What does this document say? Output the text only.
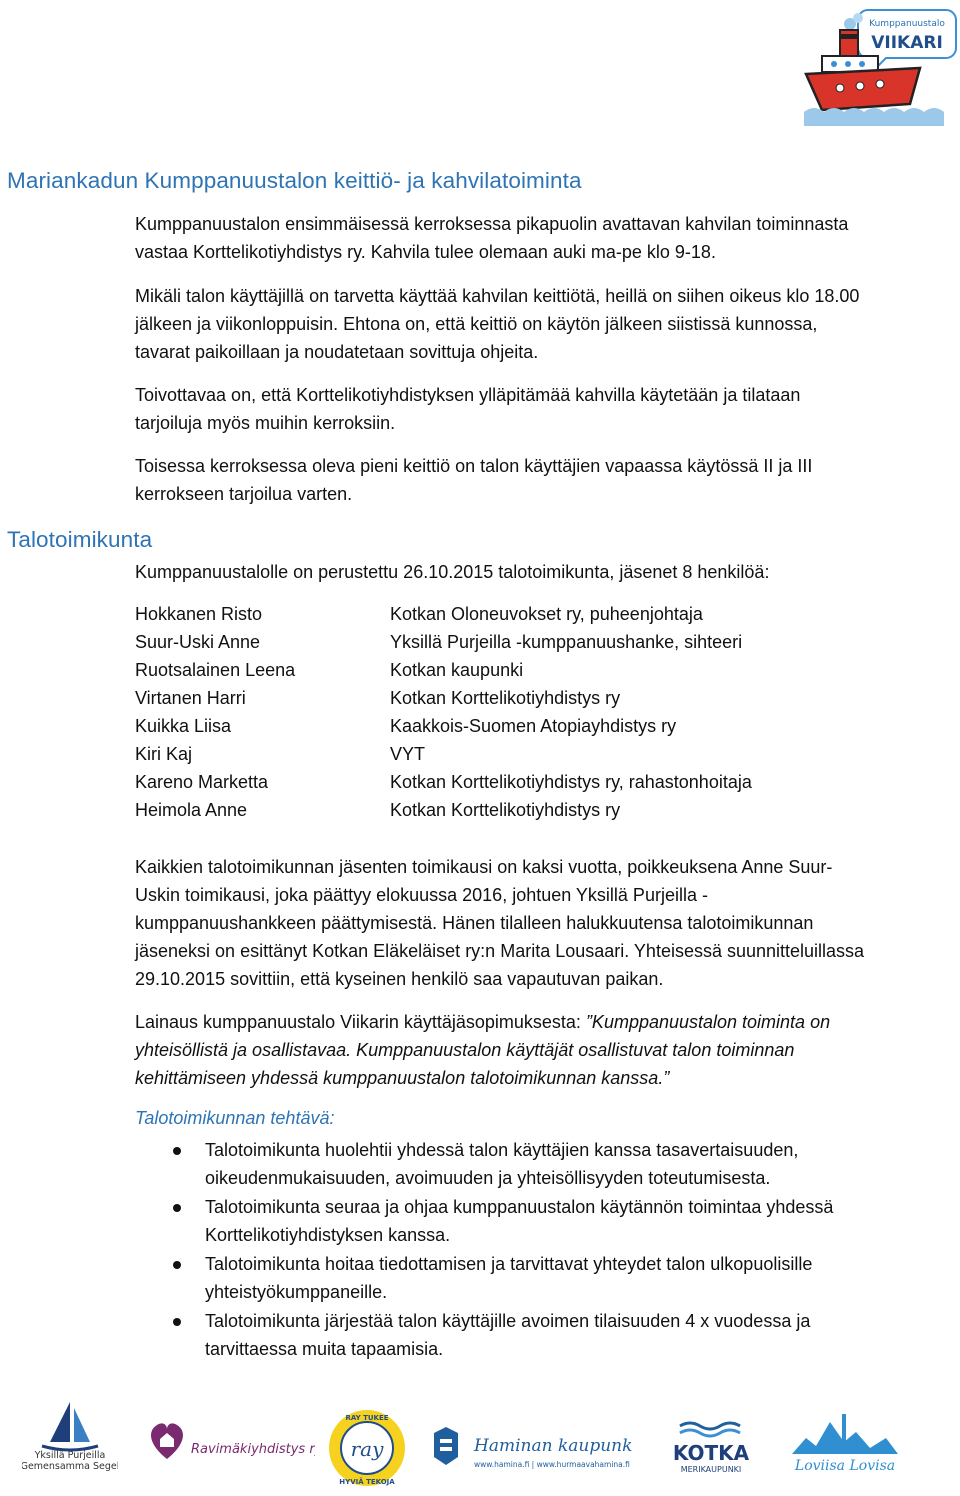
Kumppanuustalo
VIIKARI
Mariankadun Kumppanuustalon keittiö- ja kahvilatoiminta
Kumppanuustalon ensimmäisessä kerroksessa pikapuolin avattavan kahvilan toiminnasta
vastaa Korttelikotiyhdistys ry. Kahvila tulee olemaan auki ma-pe klo 9-18.
Mikäli talon käyttäjillä on tarvetta käyttää kahvilan keittiötä, heillä on siihen oikeus klo 18.00
jälkeen ja viikonloppuisin. Ehtona on, että keittiö on käytön jälkeen siistissä kunnossa,
tavarat paikoillaan ja noudatetaan sovittuja ohjeita.
Toivottavaa on, että Korttelikotiyhdistyksen ylläpitämää kahvilla käytetään ja tilataan
tarjoiluja myös muihin kerroksiin.
Toisessa kerroksessa oleva pieni keittiö on talon käyttäjien vapaassa käytössä II ja III
kerrokseen tarjoilua varten.
Talotoimikunta
Kumppanuustalolle on perustettu 26.10.2015 talotoimikunta, jäsenet 8 henkilöä:
Hokkanen Risto	Kotkan Oloneuvokset ry, puheenjohtaja
Suur-Uski Anne	Yksillä Purjeilla -kumppanuushanke, sihteeri
Ruotsalainen Leena	Kotkan kaupunki
Virtanen Harri	Kotkan Korttelikotiyhdistys ry
Kuikka Liisa	Kaakkois-Suomen Atopiayhdistys ry
Kiri Kaj	VYT
Kareno Marketta	Kotkan Korttelikotiyhdistys ry, rahastonhoitaja
Heimola Anne	Kotkan Korttelikotiyhdistys ry
Kaikkien talotoimikunnan jäsenten toimikausi on kaksi vuotta, poikkeuksena Anne Suur-
Uskin toimikausi, joka päättyy elokuussa 2016, johtuen Yksillä Purjeilla -
kumppanuushankkeen päättymisestä. Hänen tilalleen halukkuutensa talotoimikunnan
jäseneksi on esittänyt Kotkan Eläkeläiset ry:n Marita Lousaari. Yhteisessä suunnitteluillassa
29.10.2015 sovittiin, että kyseinen henkilö saa vapautuvan paikan.
Lainaus kumppanuustalo Viikarin käyttäjäsopimuksesta: ”Kumppanuustalon toiminta on
yhteisöllistä ja osallistavaa. Kumppanuustalon käyttäjät osallistuvat talon toiminnan
kehittämiseen yhdessä kumppanuustalon talotoimikunnan kanssa.”
Talotoimikunnan tehtävä:
Talotoimikunta huolehtii yhdessä talon käyttäjien kanssa tasavertaisuuden,
oikeudenmukaisuuden, avoimuuden ja yhteisöllisyyden toteutumisesta.
Talotoimikunta seuraa ja ohjaa kumppanuustalon käytännön toimintaa yhdessä
Korttelikotiyhdistyksen kanssa.
Talotoimikunta hoitaa tiedottamisen ja tarvittavat yhteydet talon ulkopuolisille
yhteistyökumppaneille.
Talotoimikunta järjestää talon käyttäjille avoimen tilaisuuden 4 x vuodessa ja
tarvittaessa muita tapaamisia.
Yksillä Purjeilla
Gemensamma Segel
Ravimäkiyhdistys ry ray
RAY TUKEE
HYVIÄ TEKOJA
Haminan kaupunki
www.hamina.fi | www.hurmaavahamina.fi KOTKA
MERIKAUPUNKI	Loviisa Lovisa
